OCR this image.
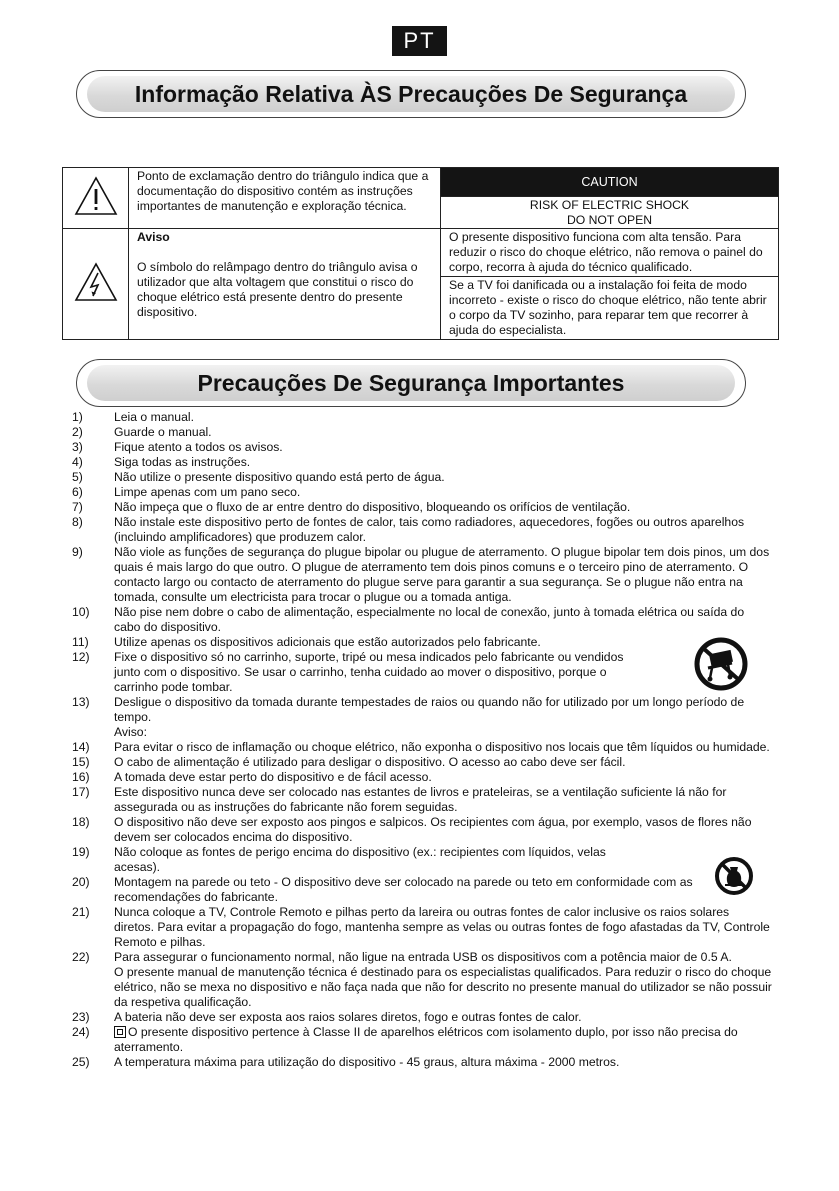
PT
Informação Relativa ÀS Precauções De Segurança
	Ponto de exclamação dentro do triângulo indica que a documentação do dispositivo contém as instruções importantes de manutenção e exploração técnica.	CAUTION
RISK OF ELECTRIC SHOCK
DO NOT OPEN

Aviso
O símbolo do relâmpago dentro do triângulo avisa o utilizador que alta voltagem que constitui o risco do choque elétrico está presente dentro do presente dispositivo.	O presente dispositivo funciona com alta tensão. Para reduzir o risco do choque elétrico, não remova o painel do corpo, recorra à ajuda do técnico qualificado.
		Se a TV foi danificada ou a instalação foi feita de modo incorreto - existe o risco do choque elétrico, não tente abrir o corpo da TV sozinho, para reparar tem que recorrer à ajuda do especialista.
Precauções De Segurança Importantes
1)	Leia o manual.
2)	Guarde o manual.
3)	Fique atento a todos os avisos.
4)	Siga todas as instruções.
5)	Não utilize o presente dispositivo quando está perto de água.
6)	Limpe apenas com um pano seco.
7)	Não impeça que o fluxo de ar entre dentro do dispositivo, bloqueando os orifícios de ventilação.
8)	Não instale este dispositivo perto de fontes de calor, tais como radiadores, aquecedores, fogões ou outros aparelhos (incluindo amplificadores) que produzem calor.
9)	Não viole as funções de segurança do plugue bipolar ou plugue de aterramento. O plugue bipolar tem dois pinos, um dos quais é mais largo do que outro. O plugue de aterramento tem dois pinos comuns e o terceiro pino de aterramento. O contacto largo ou contacto de aterramento do plugue serve para garantir a sua segurança. Se o plugue não entra na tomada, consulte um electricista para trocar o plugue ou a tomada antiga.
10)	Não pise nem dobre o cabo de alimentação, especialmente no local de conexão, junto à tomada elétrica ou saída do cabo do dispositivo.
11)	Utilize apenas os dispositivos adicionais que estão autorizados pelo fabricante.
12)	Fixe o dispositivo só no carrinho, suporte, tripé ou mesa indicados pelo fabricante ou vendidos junto com o dispositivo. Se usar o carrinho, tenha cuidado ao mover o dispositivo, porque o carrinho pode tombar.
13)	Desligue o dispositivo da tomada durante tempestades de raios ou quando não for utilizado por um longo período de tempo.
Aviso:
14)	Para evitar o risco de inflamação ou choque elétrico, não exponha o dispositivo nos locais que têm líquidos ou humidade.
15)	O cabo de alimentação é utilizado para desligar o dispositivo. O acesso ao cabo deve ser fácil.
16)	A tomada deve estar perto do dispositivo e de fácil acesso.
17)	Este dispositivo nunca deve ser colocado nas estantes de livros e prateleiras, se a ventilação suficiente lá não for assegurada ou as instruções do fabricante não forem seguidas.
18)	O dispositivo não deve ser exposto aos pingos e salpicos. Os recipientes com água, por exemplo, vasos de flores não devem ser colocados encima do dispositivo.
19)	Não coloque as fontes de perigo encima do dispositivo (ex.: recipientes com líquidos, velas acesas).
20)	Montagem na parede ou teto - O dispositivo deve ser colocado na parede ou teto em conformidade com as recomendações do fabricante.
21)	Nunca coloque a TV, Controle Remoto e pilhas perto da lareira ou outras fontes de calor inclusive os raios solares diretos. Para evitar a propagação do fogo, mantenha sempre as velas ou outras fontes de fogo afastadas da TV, Controle Remoto e pilhas.
22)	Para assegurar o funcionamento normal, não ligue na entrada USB os dispositivos com a potência maior de 0.5 A.
O presente manual de manutenção técnica é destinado para os especialistas qualificados. Para reduzir o risco do choque elétrico, não se mexa no dispositivo e não faça nada que não for descrito no presente manual do utilizador se não possuir da respetiva qualificação.
23)	A bateria não deve ser exposta aos raios solares diretos, fogo e outras fontes de calor.
24)	O presente dispositivo pertence à Classe II de aparelhos elétricos com isolamento duplo, por isso não precisa do aterramento.
25)	A temperatura máxima para utilização do dispositivo - 45 graus, altura máxima - 2000 metros.
